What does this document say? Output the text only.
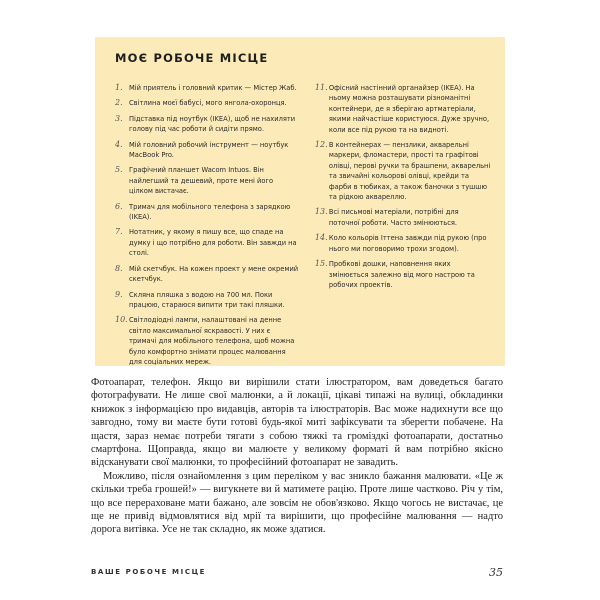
МОЄ РОБОЧЕ МІСЦЕ
1. Мій приятель і головний критик — Містер Жаб.
2. Світлина моєї бабусі, мого янгола-охоронця.
3. Підставка під ноутбук (IKEA), щоб не нахиляти голову під час роботи й сидіти прямо.
4. Мій головний робочий інструмент — ноутбук MacBook Pro.
5. Графічний планшет Wacom Intuos. Він найлегший та дешевий, проте мені його цілком вистачає.
6. Тримач для мобільного телефона з зарядкою (IKEA).
7. Нотатник, у якому я пишу все, що спаде на думку і що потрібно для роботи. Він завжди на столі.
8. Мій скетчбук. На кожен проект у мене окремий скетчбук.
9. Скляна пляшка з водою на 700 мл. Поки працюю, стараюся випити три такі пляшки.
10. Світлодіодні лампи, налаштовані на денне світло максимальної яскравості. У них є тримачі для мобільного телефона, щоб можна було комфортно знімати процес малювання для соціальних мереж.
11. Офісний настінний органайзер (IKEA). На ньому можна розташувати різноманітні контейнери, де я зберігаю артматеріали, якими найчастіше користуюся. Дуже зручно, коли все під рукою та на видноті.
12. В контейнерах — пензлики, акварельні маркери, фломастери, прості та графітові олівці, перові ручки та брашпени, акварельні та звичайні кольорові олівці, крейди та фарби в тюбиках, а також баночки з тушшю та рідкою аквареллю.
13. Всі письмові матеріали, потрібні для поточної роботи. Часто змінюються.
14. Коло кольорів Іттена завжди під рукою (про нього ми поговоримо трохи згодом).
15. Пробкові дошки, наповнення яких змінюється залежно від мого настрою та робочих проектів.

Фотоапарат, телефон. Якщо ви вирішили стати ілюстратором, вам доведеться багато фотографувати. Не лише свої малюнки, а й локації, цікаві типажі на вулиці, обкладинки книжок з інформацією про видавців, авторів та ілюстраторів. Вас може надихнути все що завгодно, тому ви маєте бути готові будь-якої миті зафіксувати та зберегти побачене. На щастя, зараз немає потреби тягати з собою тяжкі та громіздкі фотоапарати, достатньо смартфона. Щоправда, якщо ви малюєте у великому форматі й вам потрібно якісно відсканувати свої малюнки, то професійний фотоапарат не завадить.

Можливо, після ознайомлення з цим переліком у вас зникло бажання малювати. «Це ж скільки треба грошей!» — вигукнете ви й матимете рацію. Проте лише частково. Річ у тім, що все перераховане мати бажано, але зовсім не обов'язково. Якщо чогось не вистачає, це ще не привід відмовлятися від мрії та вирішити, що професійне малювання — надто дорога витівка. Усе не так складно, як може здатися.

ВАШЕ РОБОЧЕ МІСЦЕ	35
